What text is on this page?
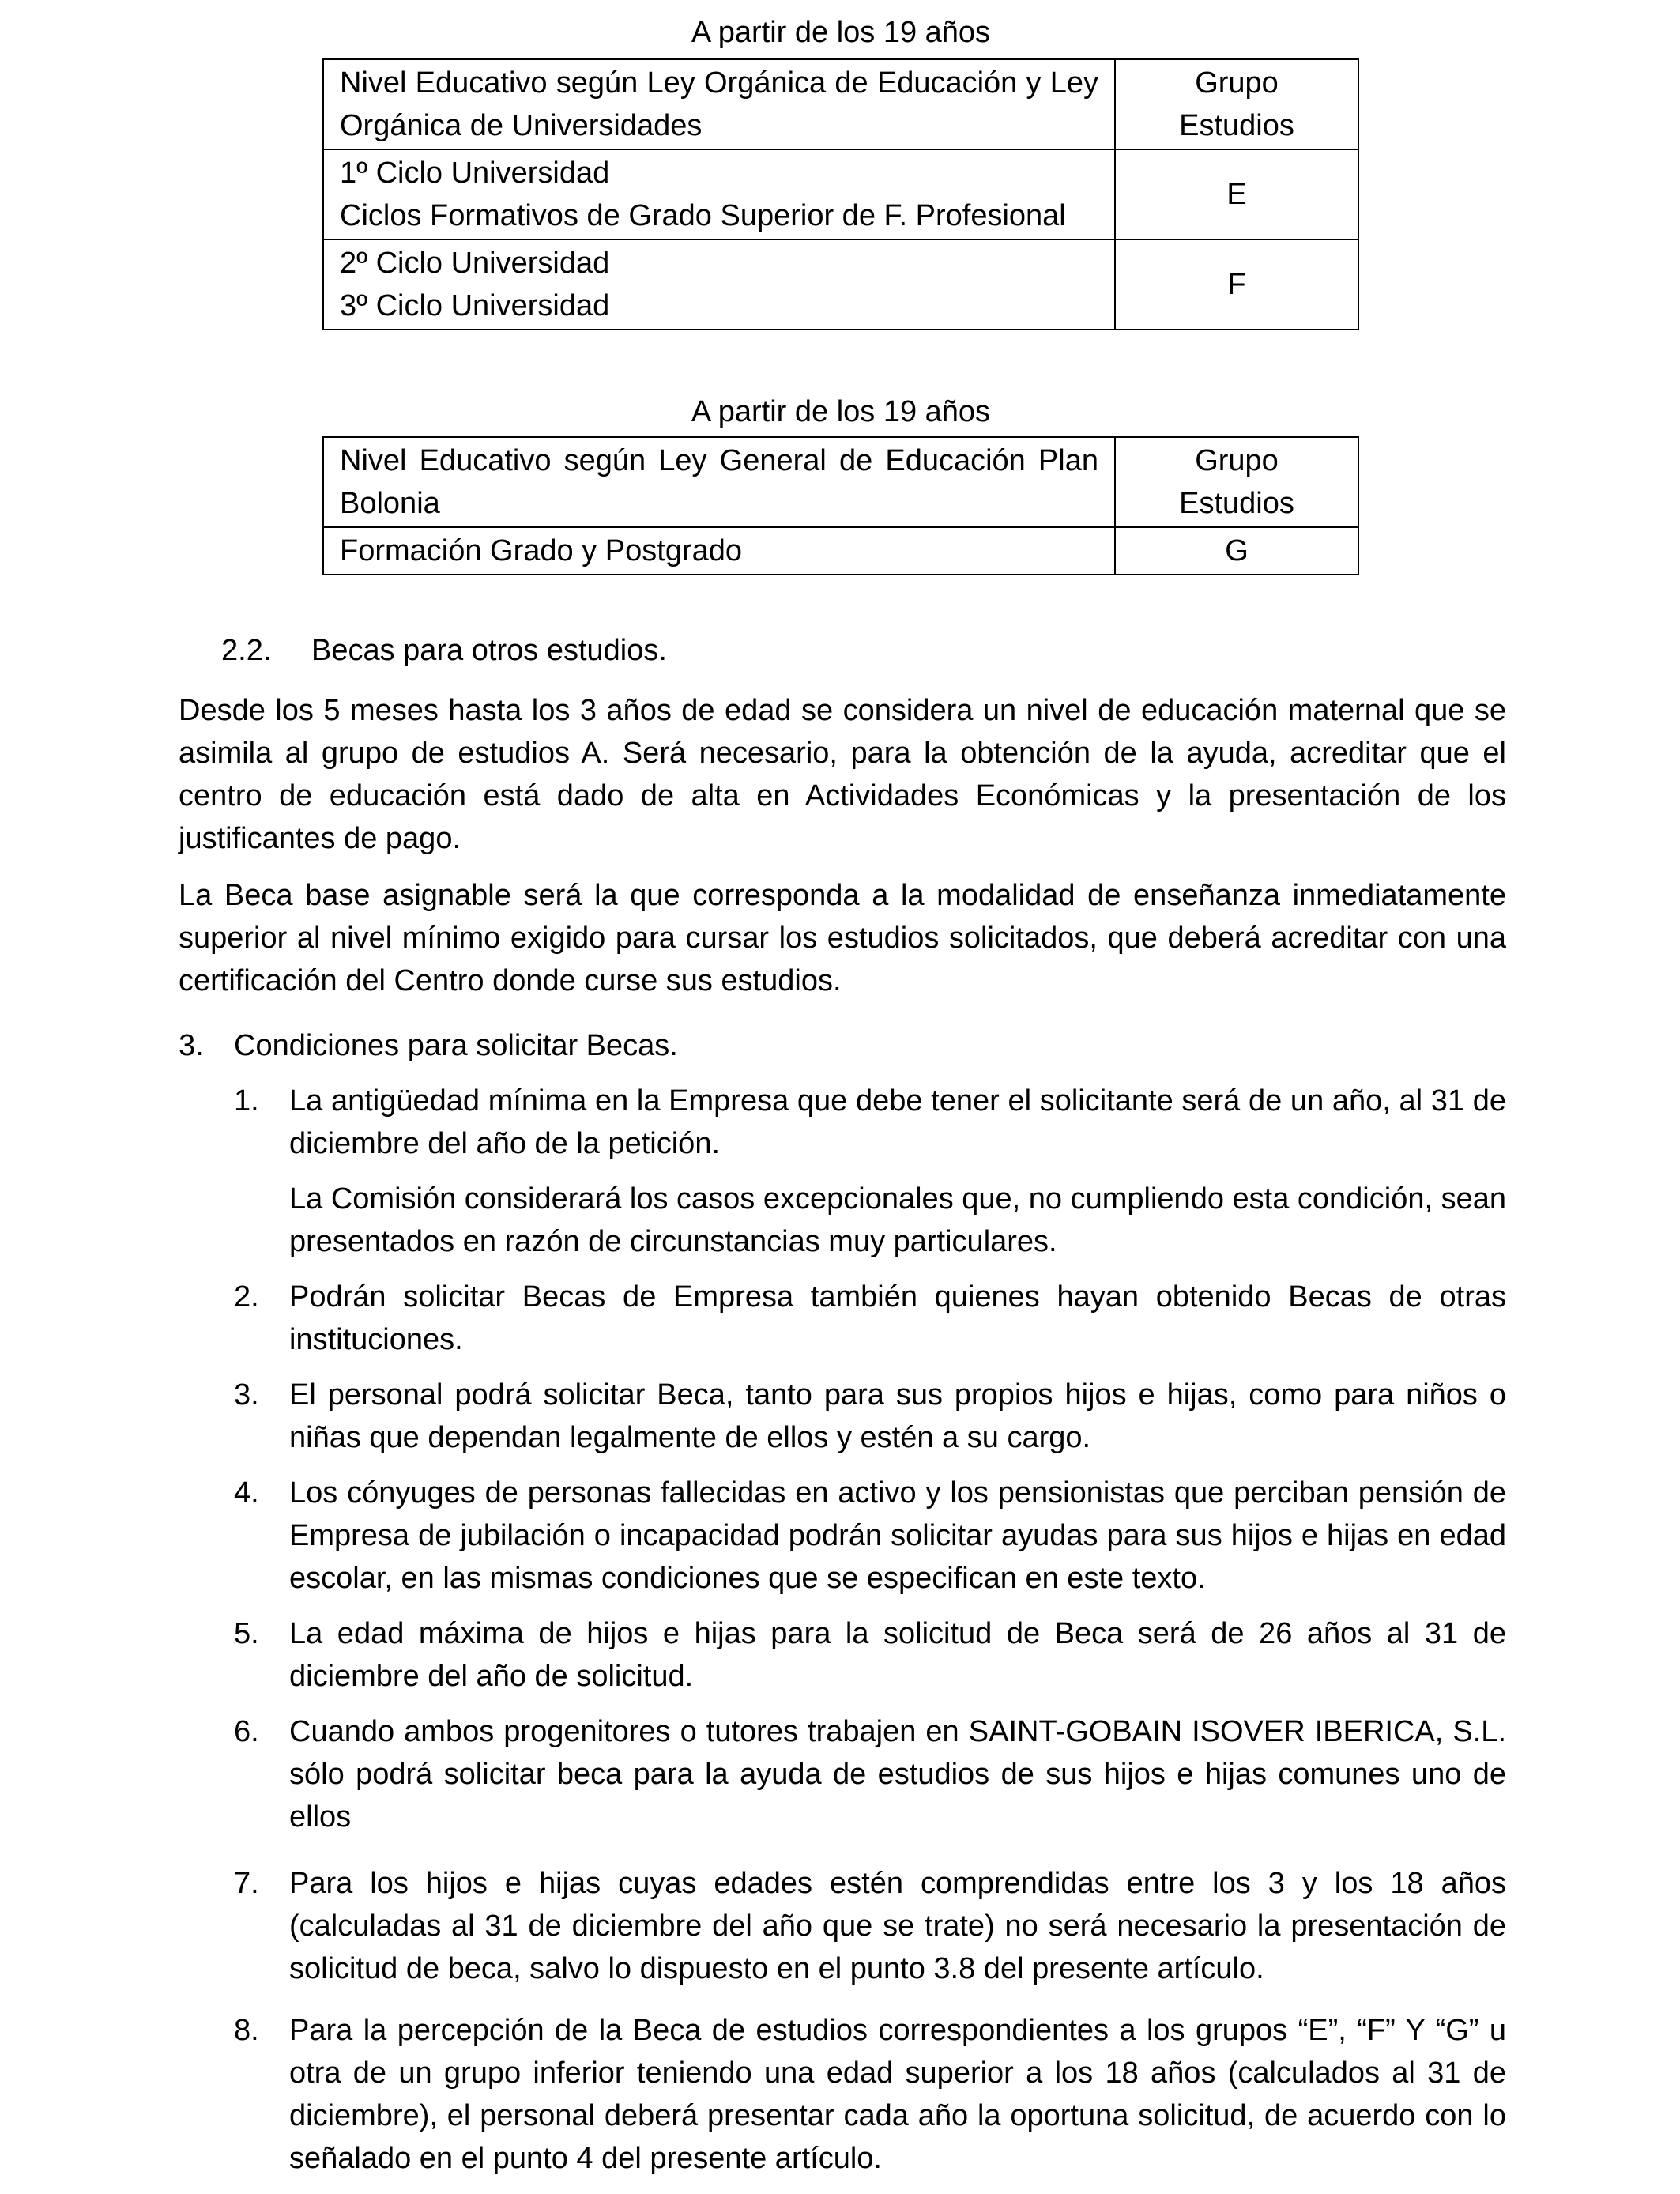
A partir de los 19 años
Nivel Educativo según Ley Orgánica de Educación y Ley Orgánica de Universidades	Grupo
Estudios

1º Ciclo Universidad
Ciclos Formativos de Grado Superior de F. Profesional	E

2º Ciclo Universidad
3º Ciclo Universidad	F
A partir de los 19 años
Nivel Educativo según Ley General de Educación Plan Bolonia	Grupo
Estudios

Formación Grado y Postgrado	G
2.2. Becas para otros estudios.
Desde los 5 meses hasta los 3 años de edad se considera un nivel de educación maternal que se asimila al grupo de estudios A. Será necesario, para la obtención de la ayuda, acreditar que el centro de educación está dado de alta en Actividades Económicas y la presentación de los justificantes de pago.
La Beca base asignable será la que corresponda a la modalidad de enseñanza inmediatamente superior al nivel mínimo exigido para cursar los estudios solicitados, que deberá acreditar con una certificación del Centro donde curse sus estudios.
3. Condiciones para solicitar Becas.
1.	La antigüedad mínima en la Empresa que debe tener el solicitante será de un año, al 31 de diciembre del año de la petición.
La Comisión considerará los casos excepcionales que, no cumpliendo esta condición, sean presentados en razón de circunstancias muy particulares.
2.	Podrán solicitar Becas de Empresa también quienes hayan obtenido Becas de otras instituciones.
3.	El personal podrá solicitar Beca, tanto para sus propios hijos e hijas, como para niños o niñas que dependan legalmente de ellos y estén a su cargo.
4.	Los cónyuges de personas fallecidas en activo y los pensionistas que perciban pensión de Empresa de jubilación o incapacidad podrán solicitar ayudas para sus hijos e hijas en edad escolar, en las mismas condiciones que se especifican en este texto.
5.	La edad máxima de hijos e hijas para la solicitud de Beca será de 26 años al 31 de diciembre del año de solicitud.
6.	Cuando ambos progenitores o tutores trabajen en SAINT-GOBAIN ISOVER IBERICA, S.L. sólo podrá solicitar beca para la ayuda de estudios de sus hijos e hijas comunes uno de ellos
7.	Para los hijos e hijas cuyas edades estén comprendidas entre los 3 y los 18 años (calculadas al 31 de diciembre del año que se trate) no será necesario la presentación de solicitud de beca, salvo lo dispuesto en el punto 3.8 del presente artículo.
8.	Para la percepción de la Beca de estudios correspondientes a los grupos “E”, “F” Y “G” u otra de un grupo inferior teniendo una edad superior a los 18 años (calculados al 31 de diciembre), el personal deberá presentar cada año la oportuna solicitud, de acuerdo con lo señalado en el punto 4 del presente artículo.
